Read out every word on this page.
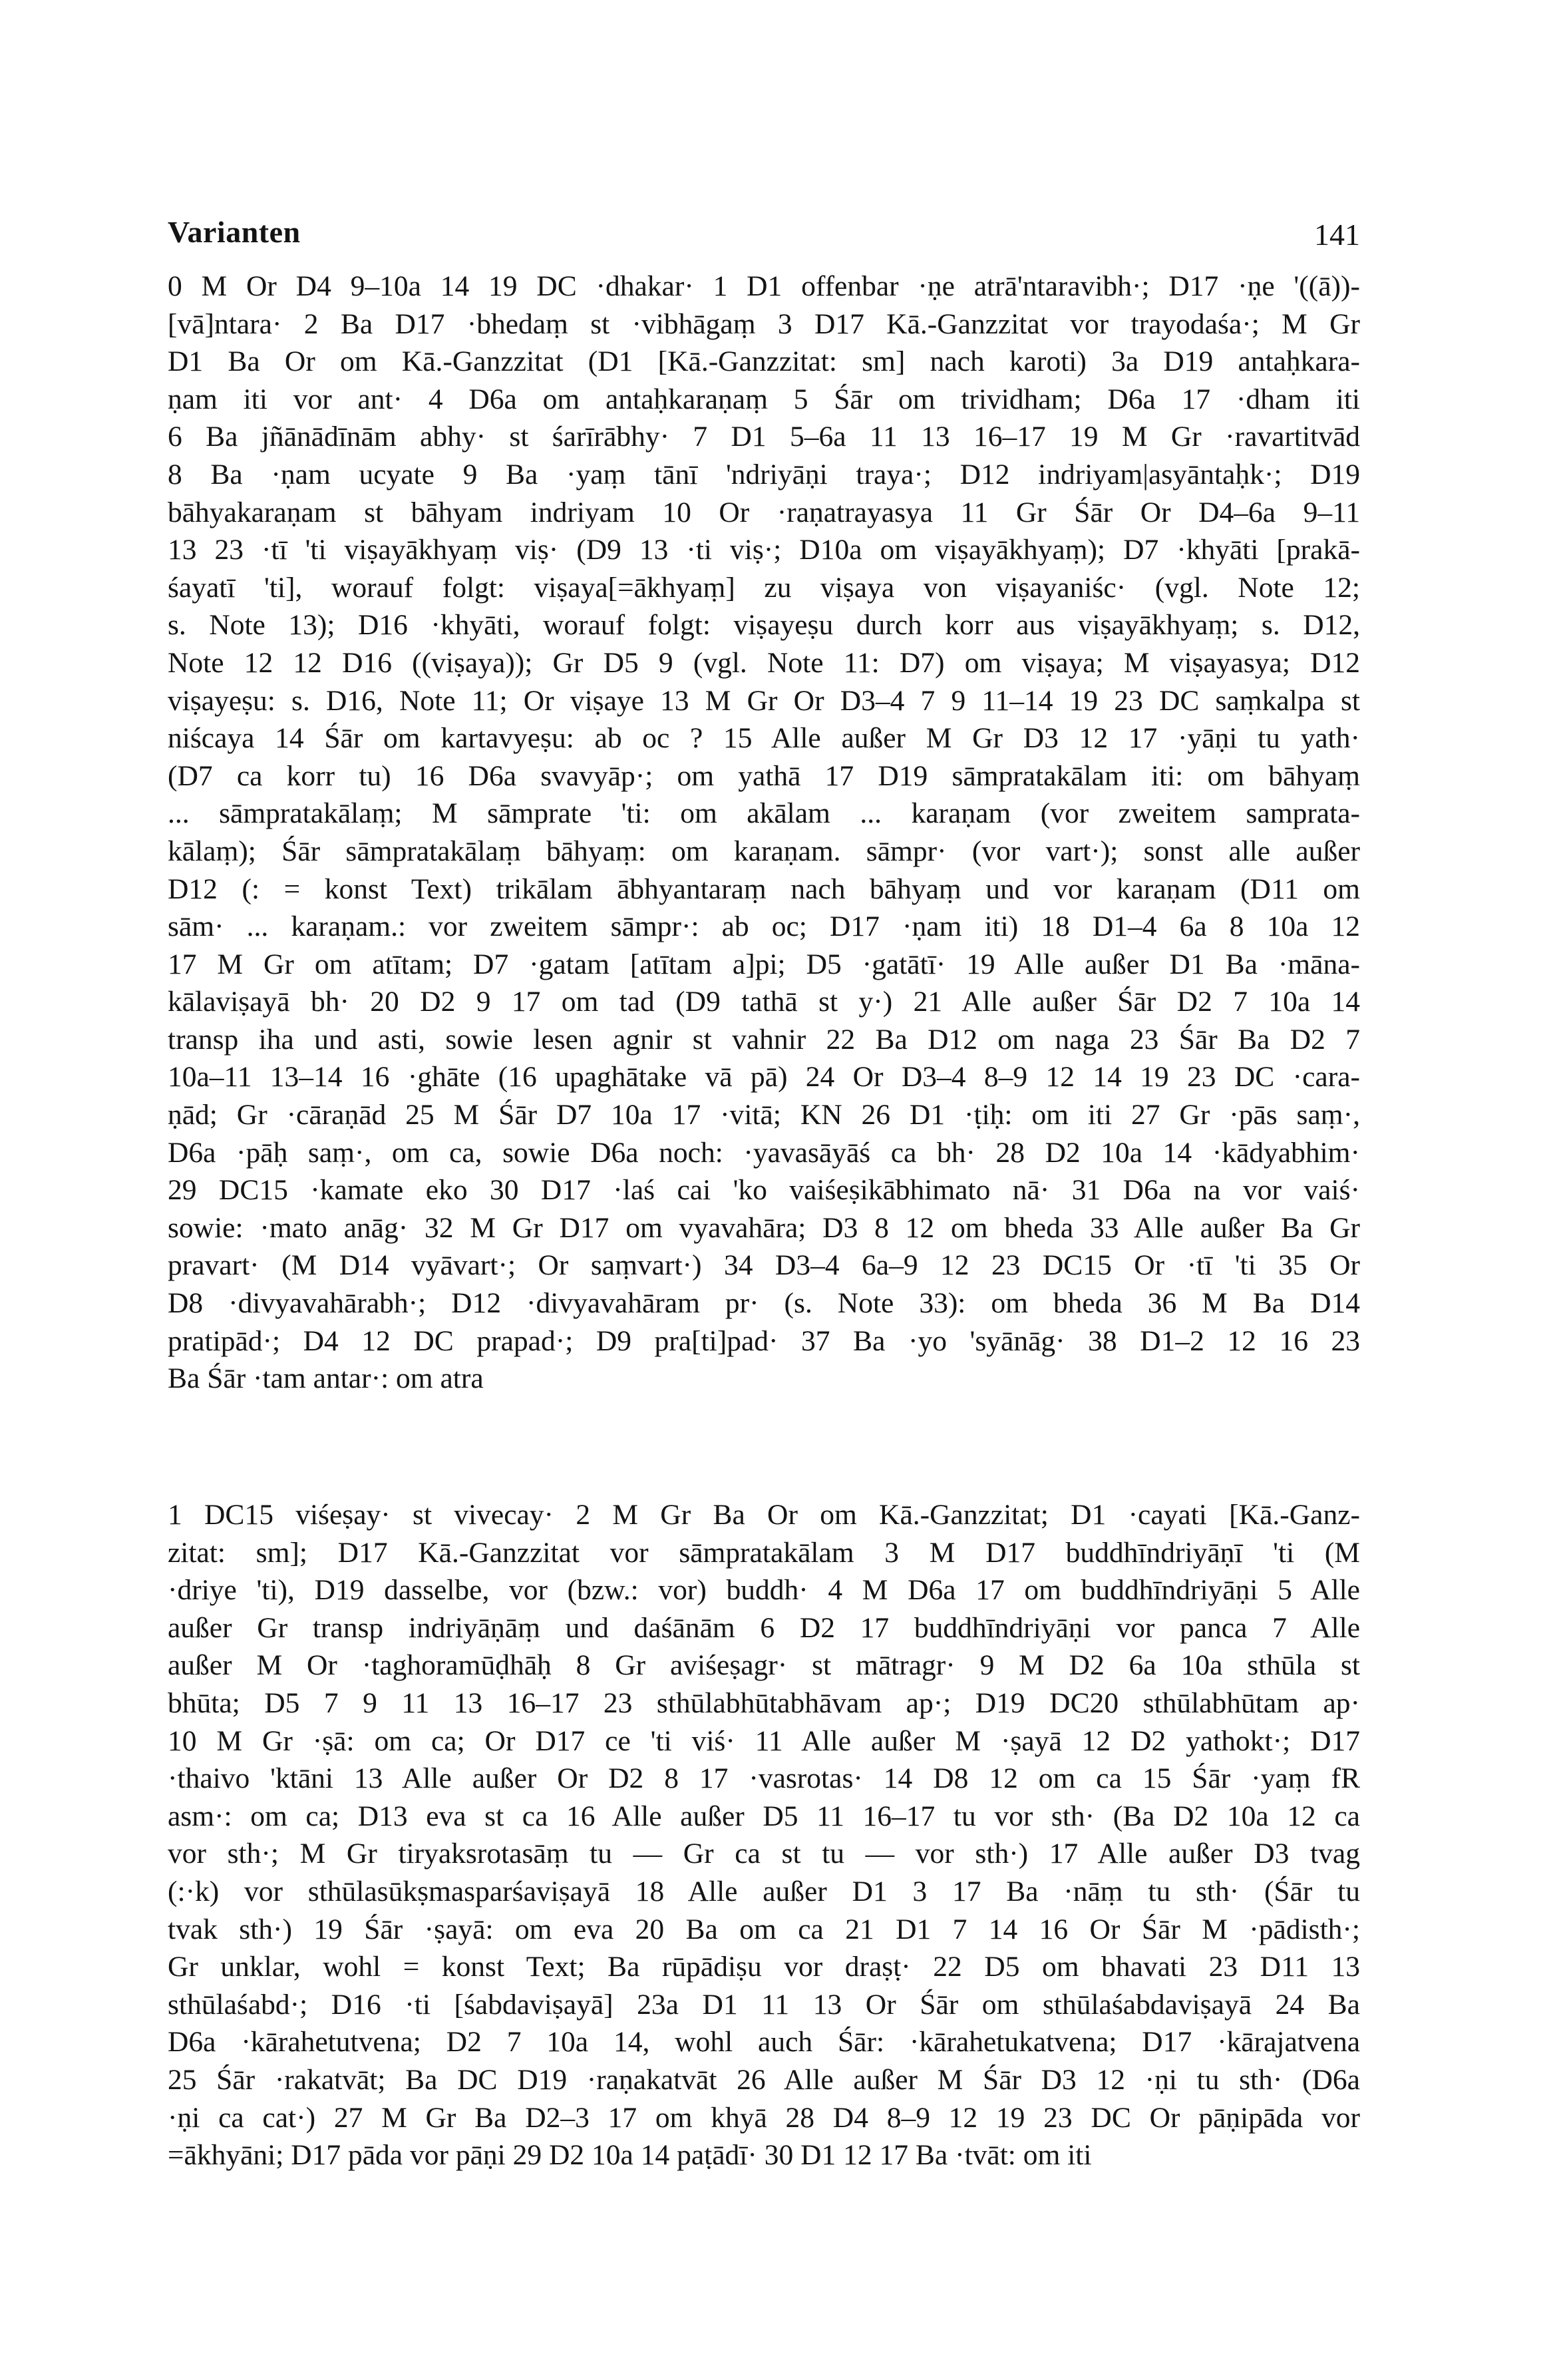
Varianten	141
0 M Or D4 9–10a 14 19 DC ·dhakar· 1 D1 offenbar ·ṇe atrā'ntaravibh·; D17 ·ṇe '((ā))-
[vā]ntara· 2 Ba D17 ·bhedaṃ st ·vibhāgaṃ 3 D17 Kā.-Ganzzitat vor trayodaśa·; M Gr
D1 Ba Or om Kā.-Ganzzitat (D1 [Kā.-Ganzzitat: sm] nach karoti) 3a D19 antaḥkara-
ṇam iti vor ant· 4 D6a om antaḥkaraṇaṃ 5 Śār om trividham; D6a 17 ·dham iti
6 Ba jñānādīnām abhy· st śarīrābhy· 7 D1 5–6a 11 13 16–17 19 M Gr ·ravartitvād
8 Ba ·ṇam ucyate 9 Ba ·yaṃ tānī 'ndriyāṇi traya·; D12 indriyam|asyāntaḥk·; D19
bāhyakaraṇam st bāhyam indriyam 10 Or ·raṇatrayasya 11 Gr Śār Or D4–6a 9–11
13 23 ·tī 'ti viṣayākhyaṃ viṣ· (D9 13 ·ti viṣ·; D10a om viṣayākhyaṃ); D7 ·khyāti [prakā-
śayatī 'ti], worauf folgt: viṣaya[=ākhyaṃ] zu viṣaya von viṣayaniśc· (vgl. Note 12;
s. Note 13); D16 ·khyāti, worauf folgt: viṣayeṣu durch korr aus viṣayākhyaṃ; s. D12,
Note 12 12 D16 ((viṣaya)); Gr D5 9 (vgl. Note 11: D7) om viṣaya; M viṣayasya; D12
viṣayeṣu: s. D16, Note 11; Or viṣaye 13 M Gr Or D3–4 7 9 11–14 19 23 DC saṃkalpa st
niścaya 14 Śār om kartavyeṣu: ab oc ? 15 Alle außer M Gr D3 12 17 ·yāṇi tu yath·
(D7 ca korr tu) 16 D6a svavyāp·; om yathā 17 D19 sāmpratakālam iti: om bāhyaṃ
... sāmpratakālaṃ; M sāmprate 'ti: om akālam ... karaṇam (vor zweitem samprata-
kālaṃ); Śār sāmpratakālaṃ bāhyaṃ: om karaṇam. sāmpr· (vor vart·); sonst alle außer
D12 (: = konst Text) trikālam ābhyantaraṃ nach bāhyaṃ und vor karaṇam (D11 om
sām· ... karaṇam.: vor zweitem sāmpr·: ab oc; D17 ·ṇam iti) 18 D1–4 6a 8 10a 12
17 M Gr om atītam; D7 ·gatam [atītam a]pi; D5 ·gatātī· 19 Alle außer D1 Ba ·māna-
kālaviṣayā bh· 20 D2 9 17 om tad (D9 tathā st y·) 21 Alle außer Śār D2 7 10a 14
transp iha und asti, sowie lesen agnir st vahnir 22 Ba D12 om naga 23 Śār Ba D2 7
10a–11 13–14 16 ·ghāte (16 upaghātake vā pā) 24 Or D3–4 8–9 12 14 19 23 DC ·cara-
ṇād; Gr ·cāraṇād 25 M Śār D7 10a 17 ·vitā; KN 26 D1 ·ṭiḥ: om iti 27 Gr ·pās saṃ·,
D6a ·pāḥ saṃ·, om ca, sowie D6a noch: ·yavasāyāś ca bh· 28 D2 10a 14 ·kādyabhim·
29 DC15 ·kamate eko 30 D17 ·laś cai 'ko vaiśeṣikābhimato nā· 31 D6a na vor vaiś·
sowie: ·mato anāg· 32 M Gr D17 om vyavahāra; D3 8 12 om bheda 33 Alle außer Ba Gr
pravart· (M D14 vyāvart·; Or saṃvart·) 34 D3–4 6a–9 12 23 DC15 Or ·tī 'ti 35 Or
D8 ·divyavahārabh·; D12 ·divyavahāram pr· (s. Note 33): om bheda 36 M Ba D14
pratipād·; D4 12 DC prapad·; D9 pra[ti]pad· 37 Ba ·yo 'syānāg· 38 D1–2 12 16 23
Ba Śār ·tam antar·: om atra
1 DC15 viśeṣay· st vivecay· 2 M Gr Ba Or om Kā.-Ganzzitat; D1 ·cayati [Kā.-Ganz-
zitat: sm]; D17 Kā.-Ganzzitat vor sāmpratakālam 3 M D17 buddhīndriyāṇī 'ti (M
·driye 'ti), D19 dasselbe, vor (bzw.: vor) buddh· 4 M D6a 17 om buddhīndriyāṇi 5 Alle
außer Gr transp indriyāṇāṃ und daśānām 6 D2 17 buddhīndriyāṇi vor panca 7 Alle
außer M Or ·taghoramūḍhāḥ 8 Gr aviśeṣagr· st mātragr· 9 M D2 6a 10a sthūla st
bhūta; D5 7 9 11 13 16–17 23 sthūlabhūtabhāvam ap·; D19 DC20 sthūlabhūtam ap·
10 M Gr ·ṣā: om ca; Or D17 ce 'ti viś· 11 Alle außer M ·ṣayā 12 D2 yathokt·; D17
·thaivo 'ktāni 13 Alle außer Or D2 8 17 ·vasrotas· 14 D8 12 om ca 15 Śār ·yaṃ fR
asm·: om ca; D13 eva st ca 16 Alle außer D5 11 16–17 tu vor sth· (Ba D2 10a 12 ca
vor sth·; M Gr tiryaksrotasāṃ tu — Gr ca st tu — vor sth·) 17 Alle außer D3 tvag
(:·k) vor sthūlasūkṣmasparśaviṣayā 18 Alle außer D1 3 17 Ba ·nāṃ tu sth· (Śār tu
tvak sth·) 19 Śār ·ṣayā: om eva 20 Ba om ca 21 D1 7 14 16 Or Śār M ·pādisth·;
Gr unklar, wohl = konst Text; Ba rūpādiṣu vor draṣṭ· 22 D5 om bhavati 23 D11 13
sthūlaśabd·; D16 ·ti [śabdaviṣayā] 23a D1 11 13 Or Śār om sthūlaśabdaviṣayā 24 Ba
D6a ·kārahetutvena; D2 7 10a 14, wohl auch Śār: ·kārahetukatvena; D17 ·kārajatvena
25 Śār ·rakatvāt; Ba DC D19 ·raṇakatvāt 26 Alle außer M Śār D3 12 ·ṇi tu sth· (D6a
·ṇi ca cat·) 27 M Gr Ba D2–3 17 om khyā 28 D4 8–9 12 19 23 DC Or pāṇipāda vor
=ākhyāni; D17 pāda vor pāṇi 29 D2 10a 14 paṭādī· 30 D1 12 17 Ba ·tvāt: om iti
